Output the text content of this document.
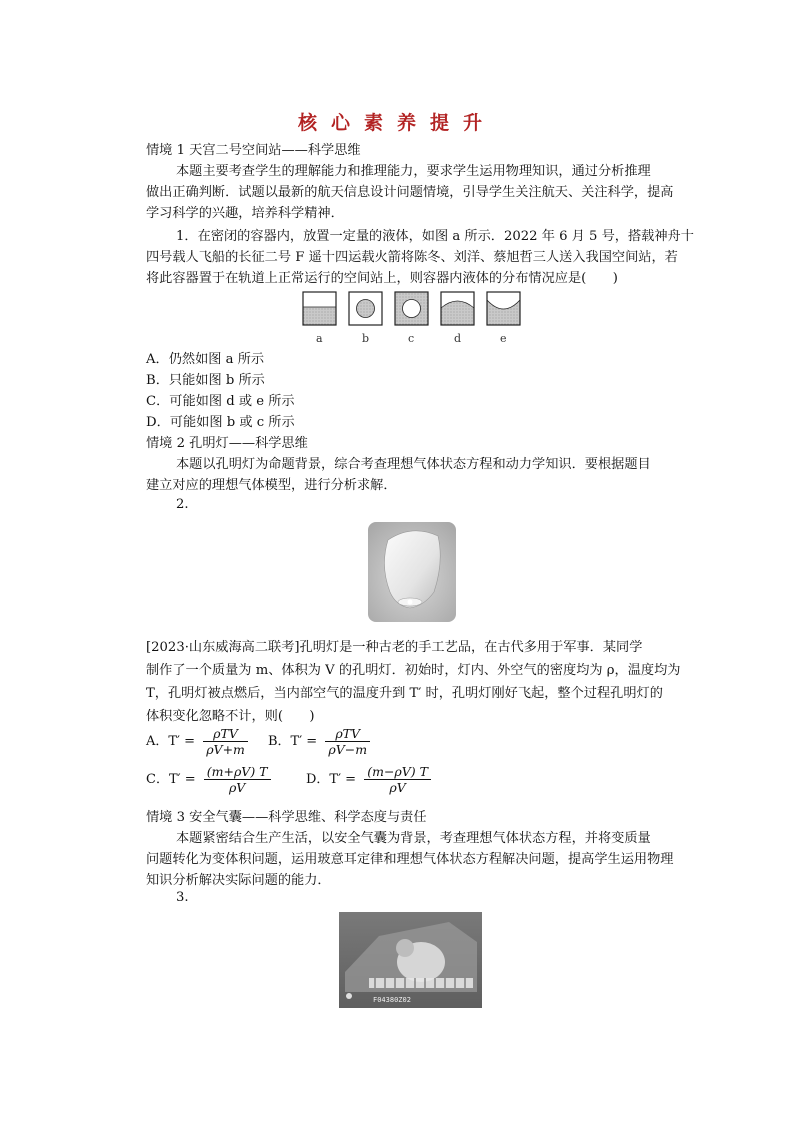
核心素养提升
情境 1 天宫二号空间站——科学思维
本题主要考查学生的理解能力和推理能力，要求学生运用物理知识，通过分析推理
做出正确判断．试题以最新的航天信息设计问题情境，引导学生关注航天、关注科学，提高
学习科学的兴趣，培养科学精神．
1．在密闭的容器内，放置一定量的液体，如图 a 所示．2022 年 6 月 5 号，搭载神舟十
四号载人飞船的长征二号 F 遥十四运载火箭将陈冬、刘洋、蔡旭哲三人送入我国空间站，若
将此容器置于在轨道上正常运行的空间站上，则容器内液体的分布情况应是(　　)
a	b	c	d	e
A．仍然如图 a 所示
B．只能如图 b 所示
C．可能如图 d 或 e 所示
D．可能如图 b 或 c 所示
情境 2 孔明灯——科学思维
本题以孔明灯为命题背景，综合考查理想气体状态方程和动力学知识．要根据题目
建立对应的理想气体模型，进行分析求解．
2.
[2023·山东威海高二联考]孔明灯是一种古老的手工艺品，在古代多用于军事．某同学
制作了一个质量为 m、体积为 V 的孔明灯．初始时，灯内、外空气的密度均为 ρ，温度均为
T，孔明灯被点燃后，当内部空气的温度升到 T′ 时，孔明灯刚好飞起，整个过程孔明灯的
体积变化忽略不计，则(　　)
A．$T' = \frac{\text{ρTV}}{\rho V+m}$ B．$T' = \frac{\text{ρTV}}{\rho V-m}$
C．$T' = \frac{(m+\rho V) T}{\rho V}$	D．$T' = \frac{(m-\rho V) T}{\rho V}$
情境 3 安全气囊——科学思维、科学态度与责任
本题紧密结合生产生活，以安全气囊为背景，考查理想气体状态方程，并将变质量
问题转化为变体积问题，运用玻意耳定律和理想气体状态方程解决问题，提高学生运用物理
知识分析解决实际问题的能力．
3.
F04380Z02
